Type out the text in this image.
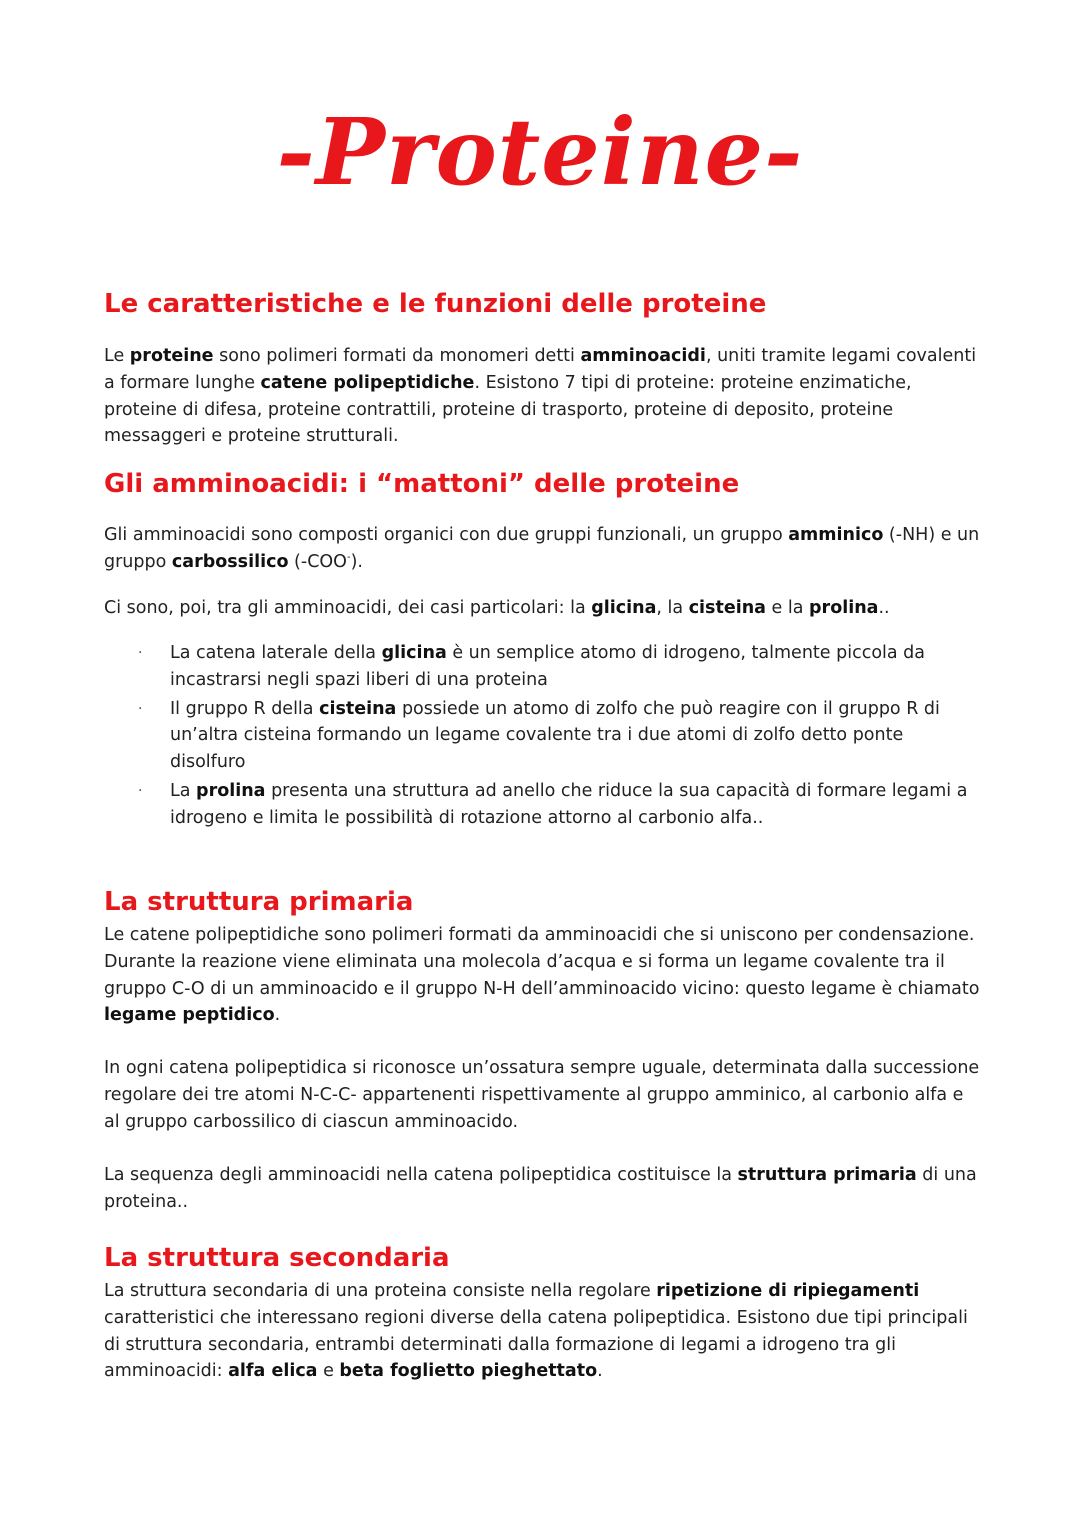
-Proteine-
Le caratteristiche e le funzioni delle proteine

Le proteine sono polimeri formati da monomeri detti amminoacidi, uniti tramite legami covalenti a formare lunghe catene polipeptidiche. Esistono 7 tipi di proteine: proteine enzimatiche, proteine di difesa, proteine contrattili, proteine di trasporto, proteine di deposito, proteine messaggeri e proteine strutturali.

Gli amminoacidi: i “mattoni” delle proteine

Gli amminoacidi sono composti organici con due gruppi funzionali, un gruppo amminico (-NH) e un gruppo carbossilico (-COO-).

Ci sono, poi, tra gli amminoacidi, dei casi particolari: la glicina, la cisteina e la prolina..

· La catena laterale della glicina è un semplice atomo di idrogeno, talmente piccola da incastrarsi negli spazi liberi di una proteina
· Il gruppo R della cisteina possiede un atomo di zolfo che può reagire con il gruppo R di un’altra cisteina formando un legame covalente tra i due atomi di zolfo detto ponte disolfuro
· La prolina presenta una struttura ad anello che riduce la sua capacità di formare legami a idrogeno e limita le possibilità di rotazione attorno al carbonio alfa..
La struttura primaria

Le catene polipeptidiche sono polimeri formati da amminoacidi che si uniscono per condensazione. Durante la reazione viene eliminata una molecola d’acqua e si forma un legame covalente tra il gruppo C-O di un amminoacido e il gruppo N-H dell’amminoacido vicino: questo legame è chiamato legame peptidico.

In ogni catena polipeptidica si riconosce un’ossatura sempre uguale, determinata dalla successione regolare dei tre atomi N-C-C- appartenenti rispettivamente al gruppo amminico, al carbonio alfa e al gruppo carbossilico di ciascun amminoacido.

La sequenza degli amminoacidi nella catena polipeptidica costituisce la struttura primaria di una proteina..

La struttura secondaria

La struttura secondaria di una proteina consiste nella regolare ripetizione di ripiegamenti caratteristici che interessano regioni diverse della catena polipeptidica. Esistono due tipi principali di struttura secondaria, entrambi determinati dalla formazione di legami a idrogeno tra gli amminoacidi: alfa elica e beta foglietto pieghettato.
